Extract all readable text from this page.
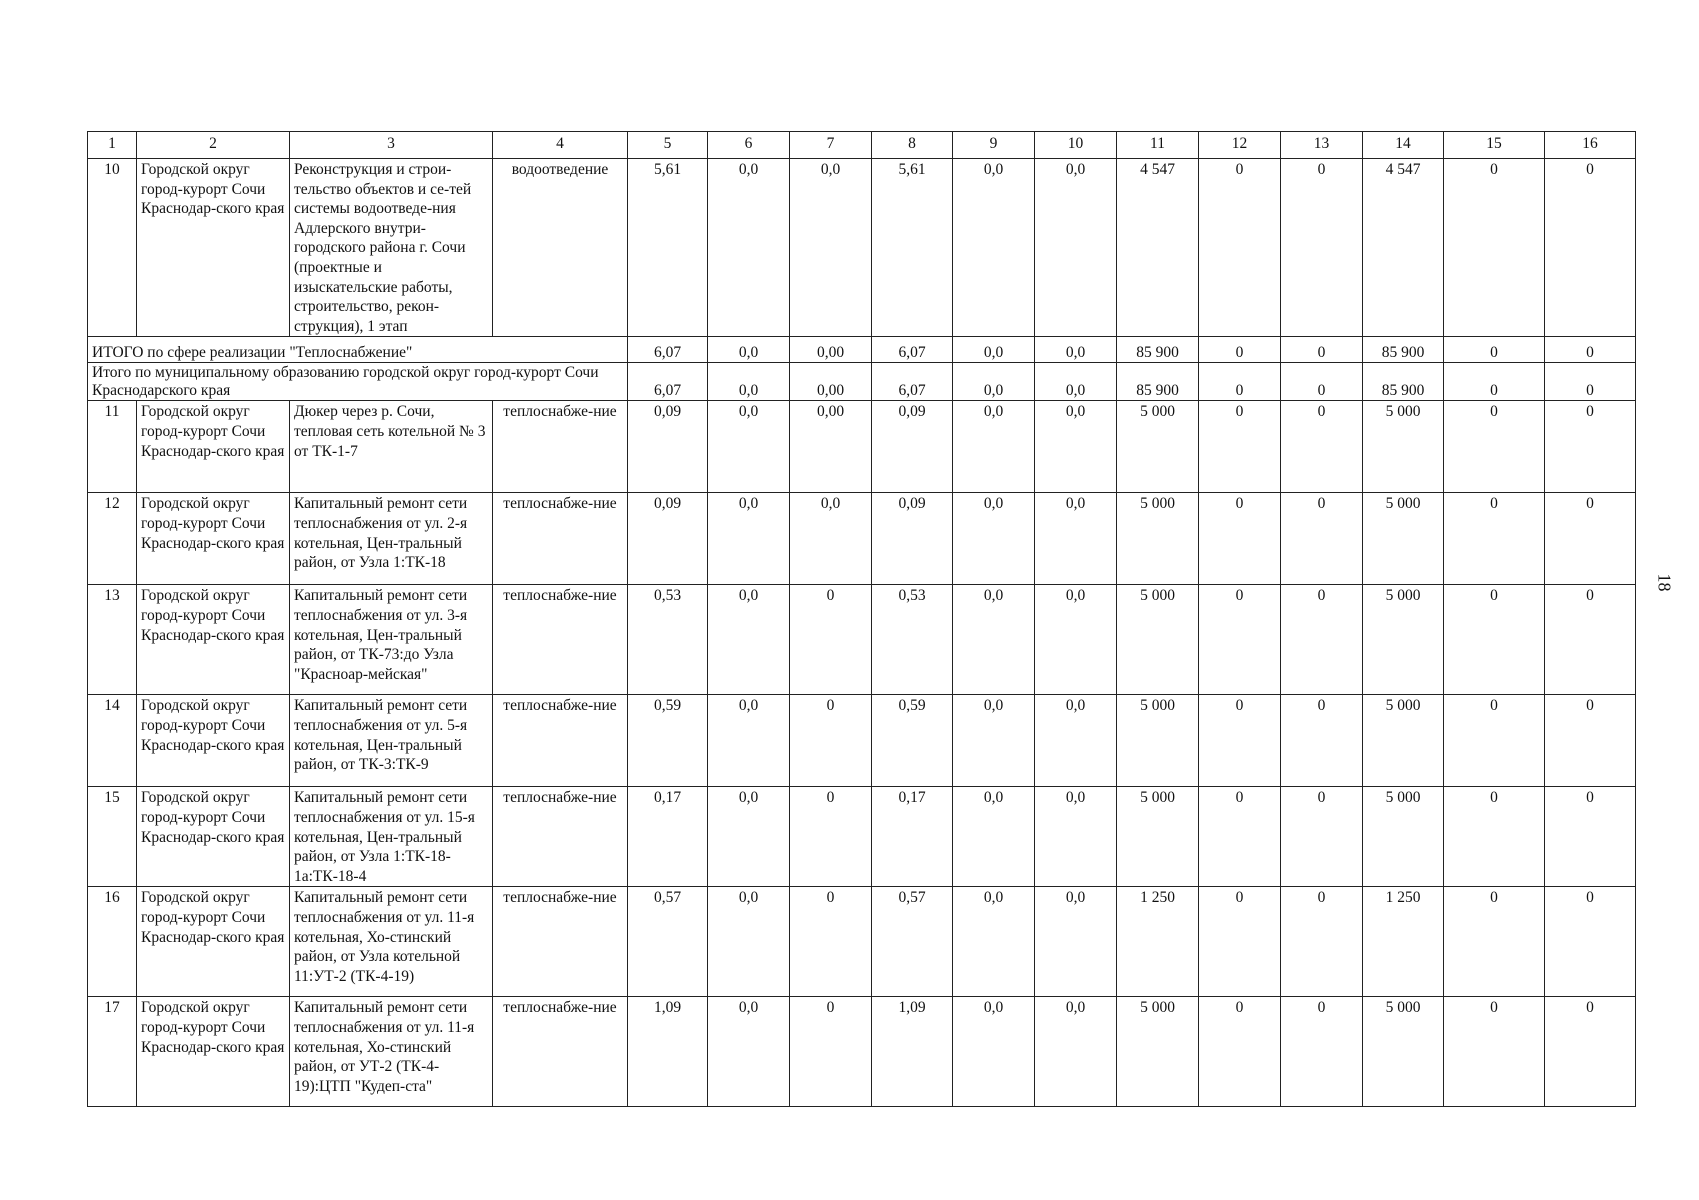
1	2	3	4	5	6	7	8	9	10	11	12	13	14	15	16
10	Городской округ город-курорт Сочи Краснодар-ского края	Реконструкция и строи-тельство объектов и се-тей системы водоотведе-ния Адлерского внутри-городского района г. Сочи (проектные и изыскательские работы, строительство, рекон-струкция), 1 этап	водоотведение	5,61	0,0	0,0	5,61	0,0	0,0	4 547	0	0	4 547	0	0
ИТОГО по сфере реализации "Теплоснабжение"				6,07	0,0	0,00	6,07	0,0	0,0	85 900	0	0	85 900	0	0
Итого по муниципальному образованию городской округ город-курорт Сочи Краснодарского края				6,07	0,0	0,00	6,07	0,0	0,0	85 900	0	0	85 900	0	0
11	Городской округ город-курорт Сочи Краснодар-ского края	Дюкер через р. Сочи, тепловая сеть котельной № 3 от ТК-1-7	теплоснабже-ние	0,09	0,0	0,00	0,09	0,0	0,0	5 000	0	0	5 000	0	0
12	Городской округ город-курорт Сочи Краснодар-ского края	Капитальный ремонт сети теплоснабжения от ул. 2-я котельная, Цен-тральный район, от Узла 1:ТК-18	теплоснабже-ние	0,09	0,0	0,0	0,09	0,0	0,0	5 000	0	0	5 000	0	0
13	Городской округ город-курорт Сочи Краснодар-ского края	Капитальный ремонт сети теплоснабжения от ул. 3-я котельная, Цен-тральный район, от ТК-73:до Узла "Красноар-мейская"	теплоснабже-ние	0,53	0,0	0	0,53	0,0	0,0	5 000	0	0	5 000	0	0
14	Городской округ город-курорт Сочи Краснодар-ского края	Капитальный ремонт сети теплоснабжения от ул. 5-я котельная, Цен-тральный район, от ТК-3:ТК-9	теплоснабже-ние	0,59	0,0	0	0,59	0,0	0,0	5 000	0	0	5 000	0	0
15	Городской округ город-курорт Сочи Краснодар-ского края	Капитальный ремонт сети теплоснабжения от ул. 15-я котельная, Цен-тральный район, от Узла 1:ТК-18-1а:ТК-18-4	теплоснабже-ние	0,17	0,0	0	0,17	0,0	0,0	5 000	0	0	5 000	0	0
16	Городской округ город-курорт Сочи Краснодар-ского края	Капитальный ремонт сети теплоснабжения от ул. 11-я котельная, Хо-стинский район, от Узла котельной 11:УТ-2 (ТК-4-19)	теплоснабже-ние	0,57	0,0	0	0,57	0,0	0,0	1 250	0	0	1 250	0	0
17	Городской округ город-курорт Сочи Краснодар-ского края	Капитальный ремонт сети теплоснабжения от ул. 11-я котельная, Хо-стинский район, от УТ-2 (ТК-4-19):ЦТП "Кудеп-ста"	теплоснабже-ние	1,09	0,0	0	1,09	0,0	0,0	5 000	0	0	5 000	0	0
18
